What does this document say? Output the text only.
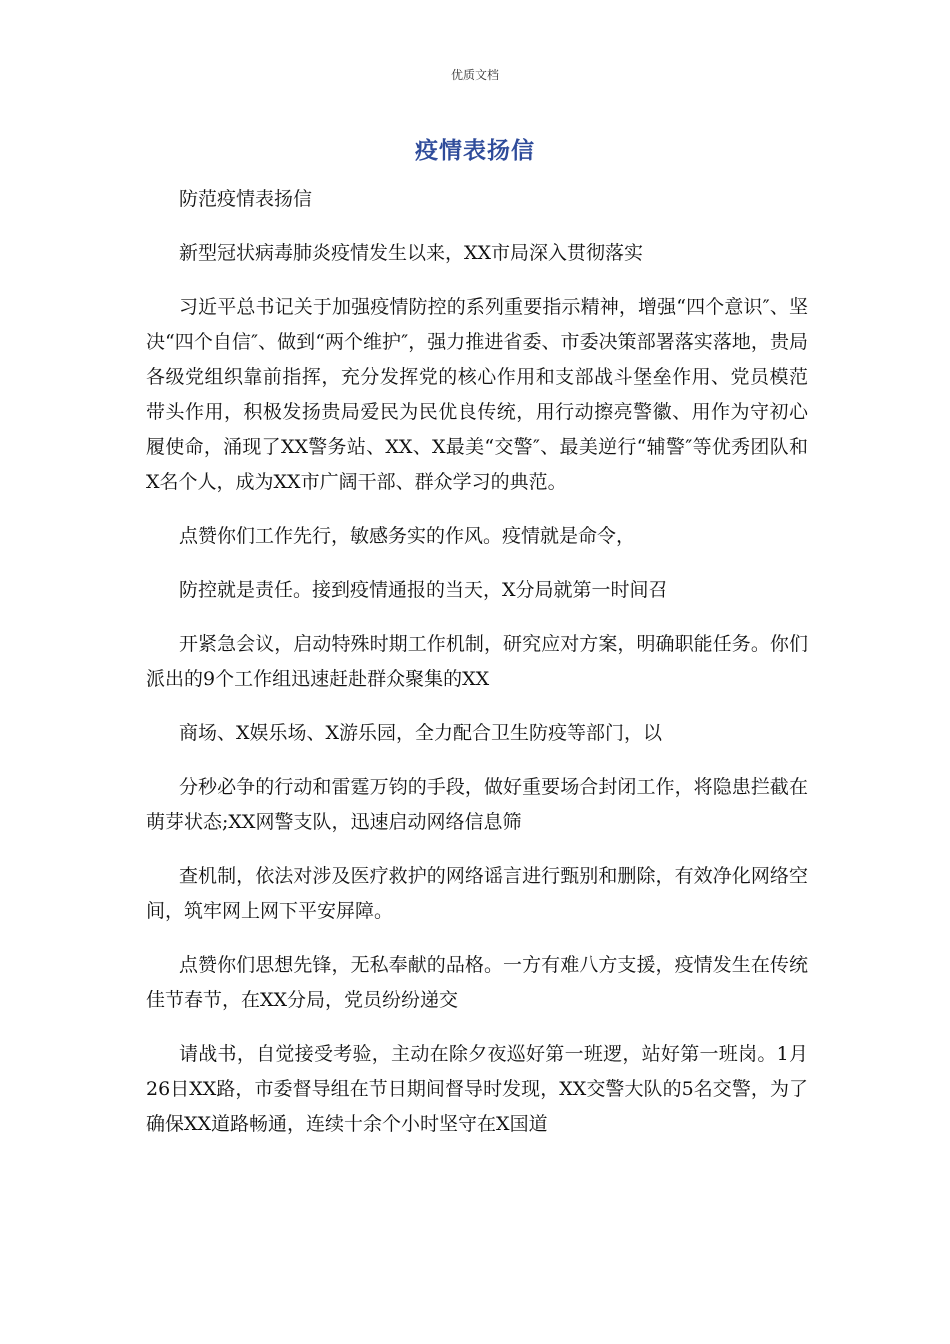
优质文档

疫情表扬信

防范疫情表扬信

新型冠状病毒肺炎疫情发生以来，XX市局深入贯彻落实

习近平总书记关于加强疫情防控的系列重要指示精神，增强“四个意识″、坚决“四个自信″、做到“两个维护″，强力推进省委、市委决策部署落实落地，贵局各级党组织靠前指挥，充分发挥党的核心作用和支部战斗堡垒作用、党员模范带头作用，积极发扬贵局爱民为民优良传统，用行动擦亮警徽、用作为守初心履使命，涌现了XX警务站、XX、X最美“交警″、最美逆行“辅警″等优秀团队和X名个人，成为XX市广阔干部、群众学习的典范。

点赞你们工作先行，敏感务实的作风。疫情就是命令，

防控就是责任。接到疫情通报的当天，X分局就第一时间召

开紧急会议，启动特殊时期工作机制，研究应对方案，明确职能任务。你们派出的9个工作组迅速赶赴群众聚集的XX

商场、X娱乐场、X游乐园，全力配合卫生防疫等部门，以

分秒必争的行动和雷霆万钧的手段，做好重要场合封闭工作，将隐患拦截在萌芽状态;XX网警支队，迅速启动网络信息筛

查机制，依法对涉及医疗救护的网络谣言进行甄别和删除，有效净化网络空间，筑牢网上网下平安屏障。

点赞你们思想先锋，无私奉献的品格。一方有难八方支援，疫情发生在传统佳节春节，在XX分局，党员纷纷递交

请战书，自觉接受考验，主动在除夕夜巡好第一班逻，站好第一班岗。1月26日XX路，市委督导组在节日期间督导时发现，XX交警大队的5名交警，为了确保XX道路畅通，连续十余个小时坚守在X国道
